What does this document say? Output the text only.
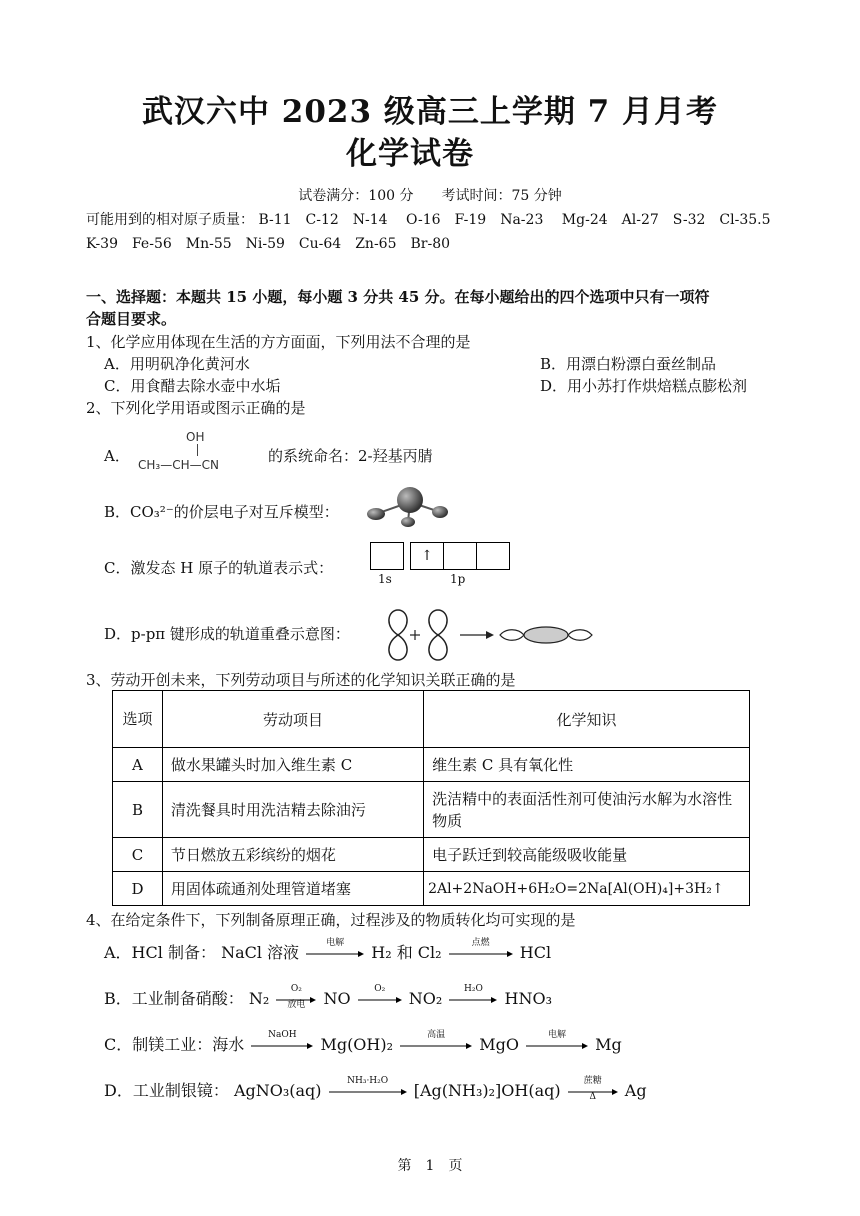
武汉六中 2023 级高三上学期 7 月月考
化学试卷
试卷满分：100 分　　考试时间：75 分钟
可能用到的相对原子质量： B-11　C-12　N-14　 O-16　F-19　Na-23　 Mg-24　Al-27　S-32　Cl-35.5
K-39　Fe-56　Mn-55　Ni-59　Cu-64　Zn-65　Br-80
一、选择题：本题共 15 小题，每小题 3 分共 45 分。在每小题给出的四个选项中只有一项符
合题目要求。
1、化学应用体现在生活的方方面面，下列用法不合理的是
A．用明矾净化黄河水	B．用漂白粉漂白蚕丝制品
C．用食醋去除水壶中水垢	D．用小苏打作烘焙糕点膨松剂
2、下列化学用语或图示正确的是
A．
OH
CH₃—CH—CN	的系统命名：2-羟基丙腈
B．CO₃²⁻的价层电子对互斥模型：
C．激发态 H 原子的轨道表示式：
↑
1s	1p
D．p-pπ 键形成的轨道重叠示意图：
3、劳动开创未来，下列劳动项目与所述的化学知识关联正确的是
选项	劳动项目	化学知识
A	做水果罐头时加入维生素 C	维生素 C 具有氧化性
B	清洗餐具时用洗洁精去除油污	洗洁精中的表面活性剂可使油污水解为水溶性物质
C	节日燃放五彩缤纷的烟花	电子跃迁到较高能级吸收能量
D	用固体疏通剂处理管道堵塞	2Al+2NaOH+6H₂O=2Na[Al(OH)₄]+3H₂↑
4、在给定条件下，下列制备原理正确，过程涉及的物质转化均可实现的是
A．HCl 制备： NaCl 溶液
电解
H₂ 和 Cl₂
点燃
HCl
B．工业制备硝酸： N₂
O₂
放电	NO
O₂
NO₂
H₂O
HNO₃
C．制镁工业：海水
NaOH
Mg(OH)₂
高温
MgO
电解
Mg
D．工业制银镜： AgNO₃(aq)
NH₃·H₂O
[Ag(NH₃)₂]OH(aq)
蔗糖
Δ	Ag
第　1　页
